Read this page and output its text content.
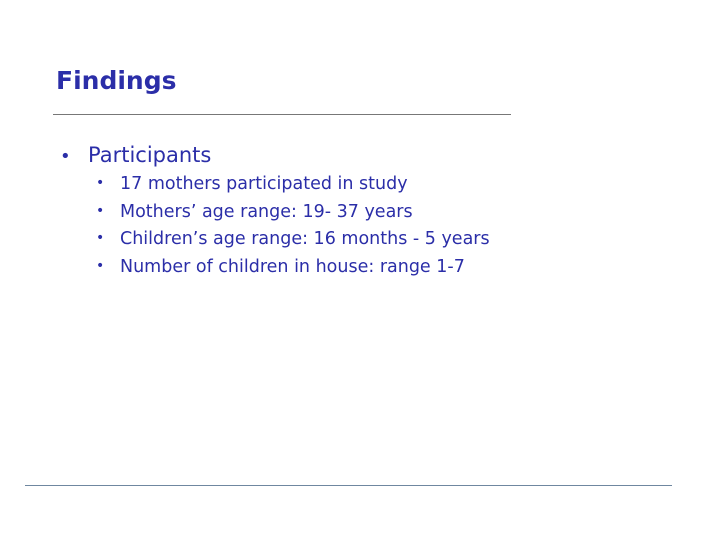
Findings
• Participants
• 17 mothers participated in study
• Mothers’ age range: 19- 37 years
• Children’s age range: 16 months - 5 years
• Number of children in house: range 1-7
